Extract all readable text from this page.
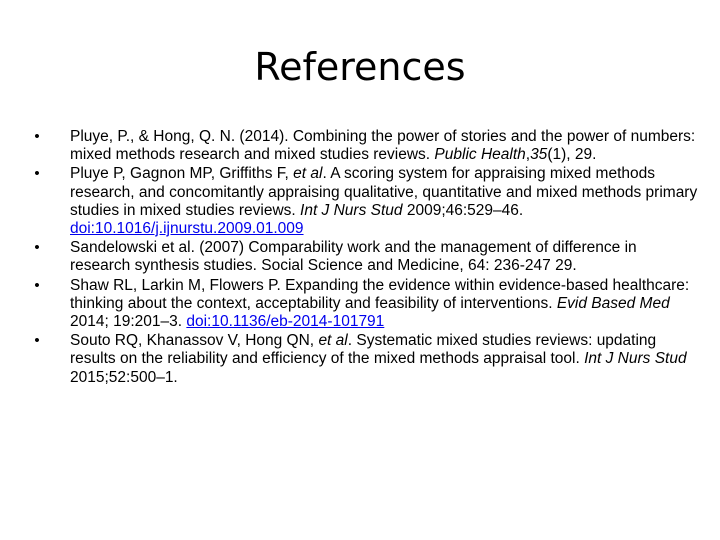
References
• Pluye, P., & Hong, Q. N. (2014). Combining the power of stories and the power of numbers: mixed methods research and mixed studies reviews. Public Health,35(1), 29.
• Pluye P, Gagnon MP, Griffiths F, et al. A scoring system for appraising mixed methods research, and concomitantly appraising qualitative, quantitative and mixed methods primary studies in mixed studies reviews. Int J Nurs Stud 2009;46:529–46. doi:10.1016/j.ijnurstu.2009.01.009
• Sandelowski et al. (2007) Comparability work and the management of difference in research synthesis studies. Social Science and Medicine, 64: 236-247 29.
• Shaw RL, Larkin M, Flowers P. Expanding the evidence within evidence-based healthcare: thinking about the context, acceptability and feasibility of interventions. Evid Based Med 2014; 19:201–3. doi:10.1136/eb-2014-101791
• Souto RQ, Khanassov V, Hong QN, et al. Systematic mixed studies reviews: updating results on the reliability and efficiency of the mixed methods appraisal tool. Int J Nurs Stud 2015;52:500–1.
